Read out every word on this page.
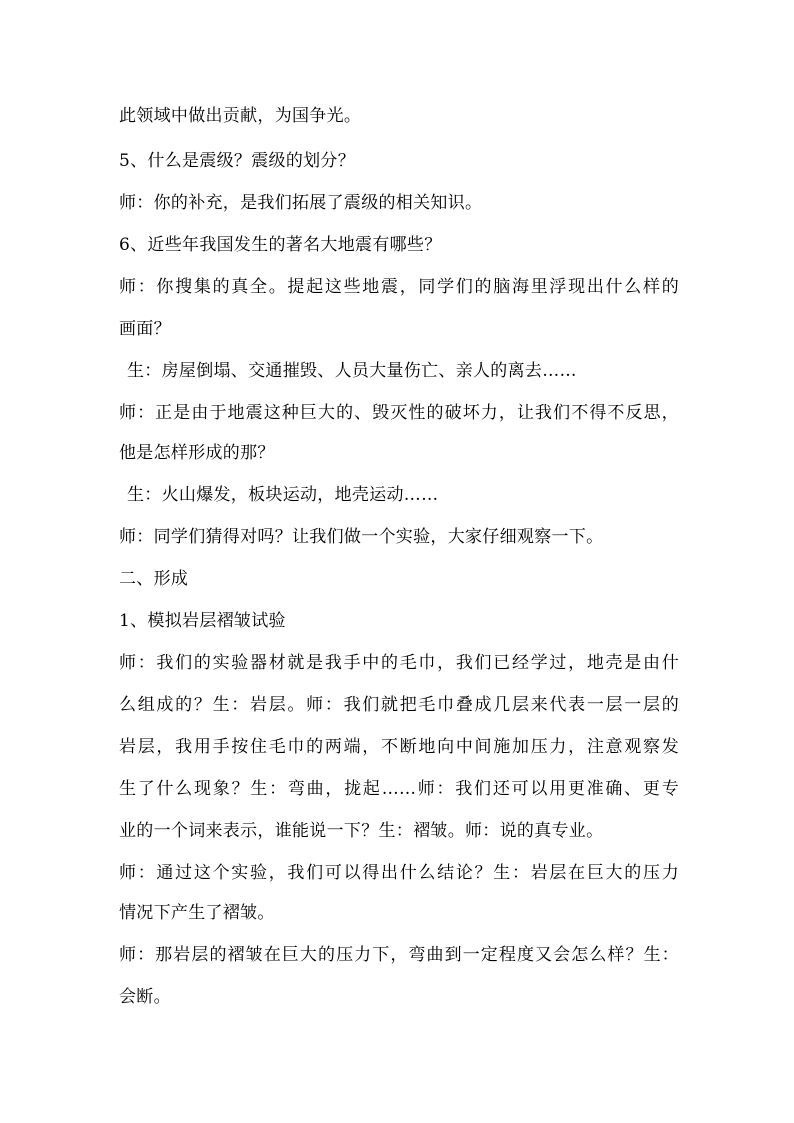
此领域中做出贡献，为国争光。
5、什么是震级？震级的划分？
师：你的补充，是我们拓展了震级的相关知识。
6、近些年我国发生的著名大地震有哪些？
师：你搜集的真全。提起这些地震，同学们的脑海里浮现出什么样的
画面？
生：房屋倒塌、交通摧毁、人员大量伤亡、亲人的离去……
师：正是由于地震这种巨大的、毁灭性的破坏力，让我们不得不反思，
他是怎样形成的那？
生：火山爆发，板块运动，地壳运动……
师：同学们猜得对吗？让我们做一个实验，大家仔细观察一下。
二、形成
1、模拟岩层褶皱试验
师：我们的实验器材就是我手中的毛巾，我们已经学过，地壳是由什
么组成的？生：岩层。师：我们就把毛巾叠成几层来代表一层一层的
岩层，我用手按住毛巾的两端，不断地向中间施加压力，注意观察发
生了什么现象？生：弯曲，拢起……师：我们还可以用更准确、更专
业的一个词来表示，谁能说一下？生：褶皱。师：说的真专业。
师：通过这个实验，我们可以得出什么结论？生：岩层在巨大的压力
情况下产生了褶皱。
师：那岩层的褶皱在巨大的压力下，弯曲到一定程度又会怎么样？生：
会断。
